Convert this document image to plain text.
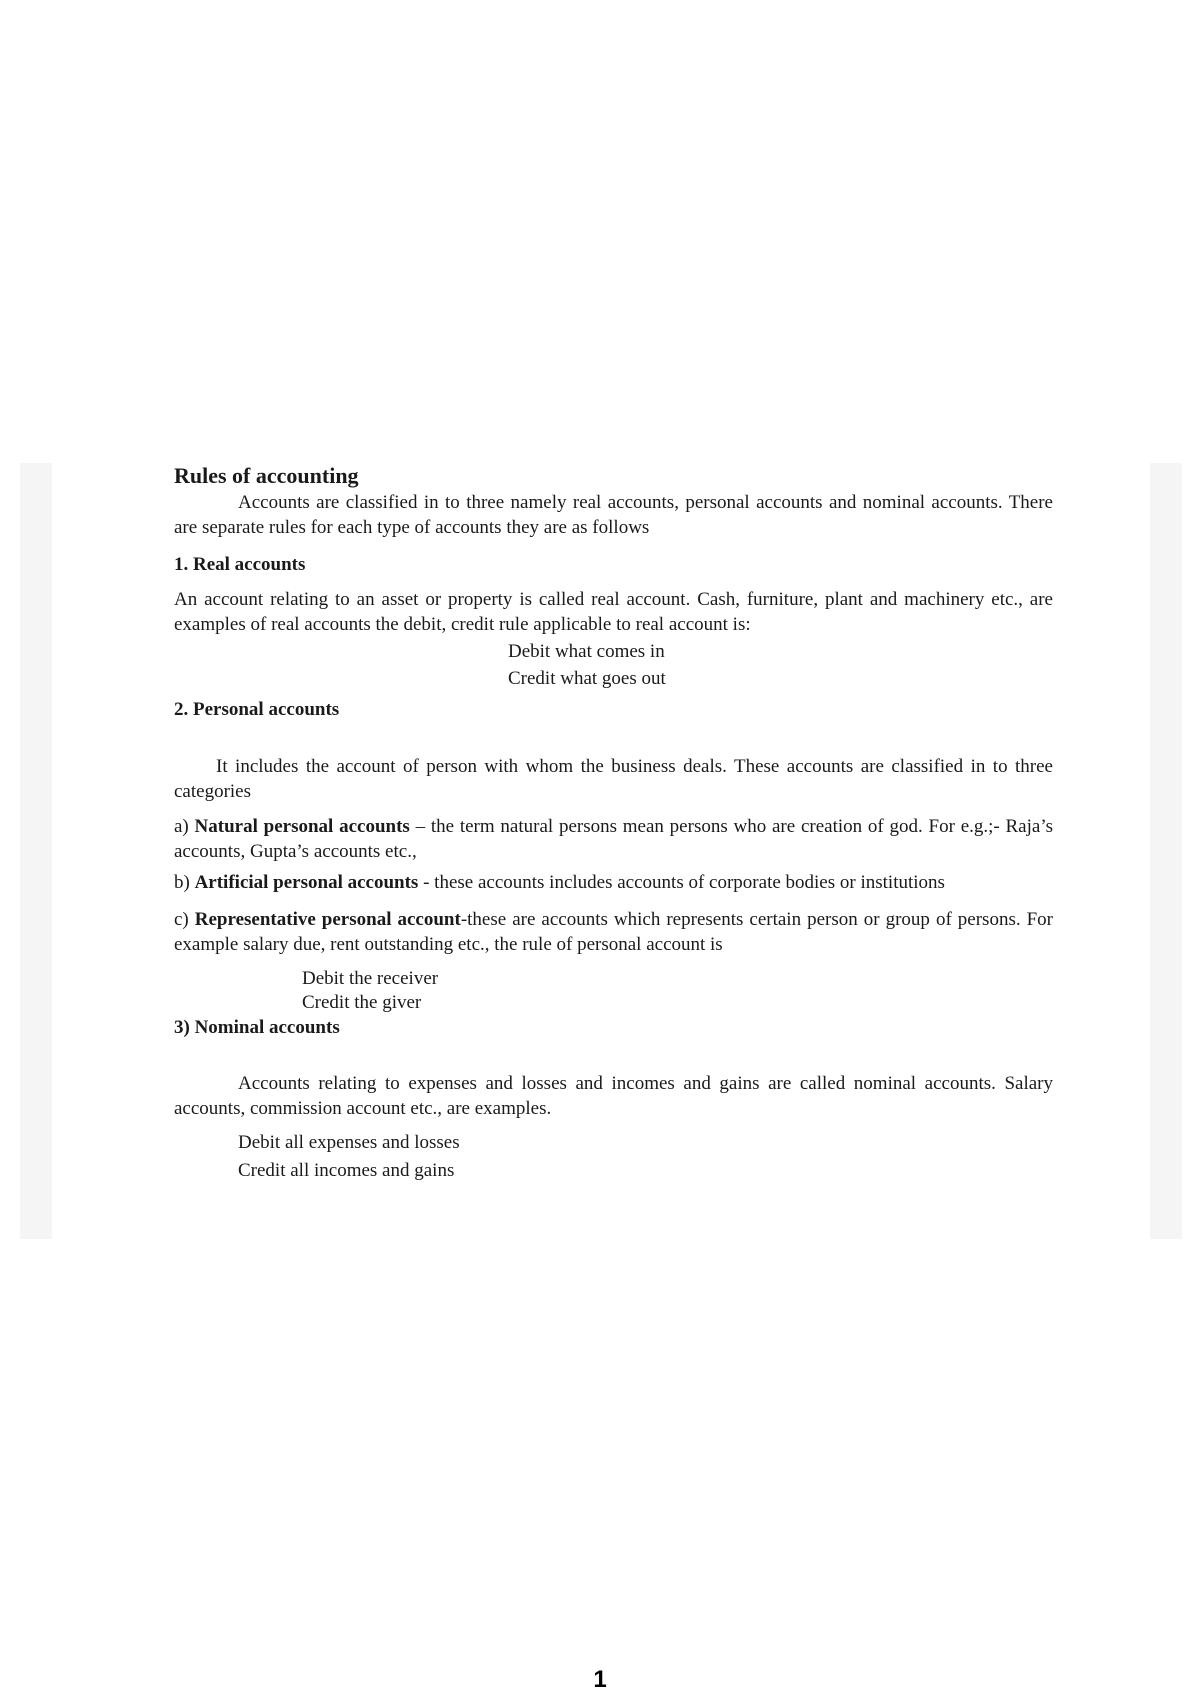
Rules of accounting

Accounts are classified in to three namely real accounts, personal accounts and nominal accounts. There are separate rules for each type of accounts they are as follows

1. Real accounts

An account relating to an asset or property is called real account. Cash, furniture, plant and machinery etc., are examples of real accounts the debit, credit rule applicable to real account is:

Debit what comes in

Credit what goes out

2. Personal accounts

It includes the account of person with whom the business deals. These accounts are classified in to three categories

a) Natural personal accounts – the term natural persons mean persons who are creation of god. For e.g.;- Raja’s accounts, Gupta’s accounts etc.,

b) Artificial personal accounts - these accounts includes accounts of corporate bodies or institutions

c) Representative personal account-these are accounts which represents certain person or group of persons. For example salary due, rent outstanding etc., the rule of personal account is

Debit the receiver

Credit the giver

3) Nominal accounts

Accounts relating to expenses and losses and incomes and gains are called nominal accounts. Salary accounts, commission account etc., are examples.

Debit all expenses and losses

Credit all incomes and gains

1
